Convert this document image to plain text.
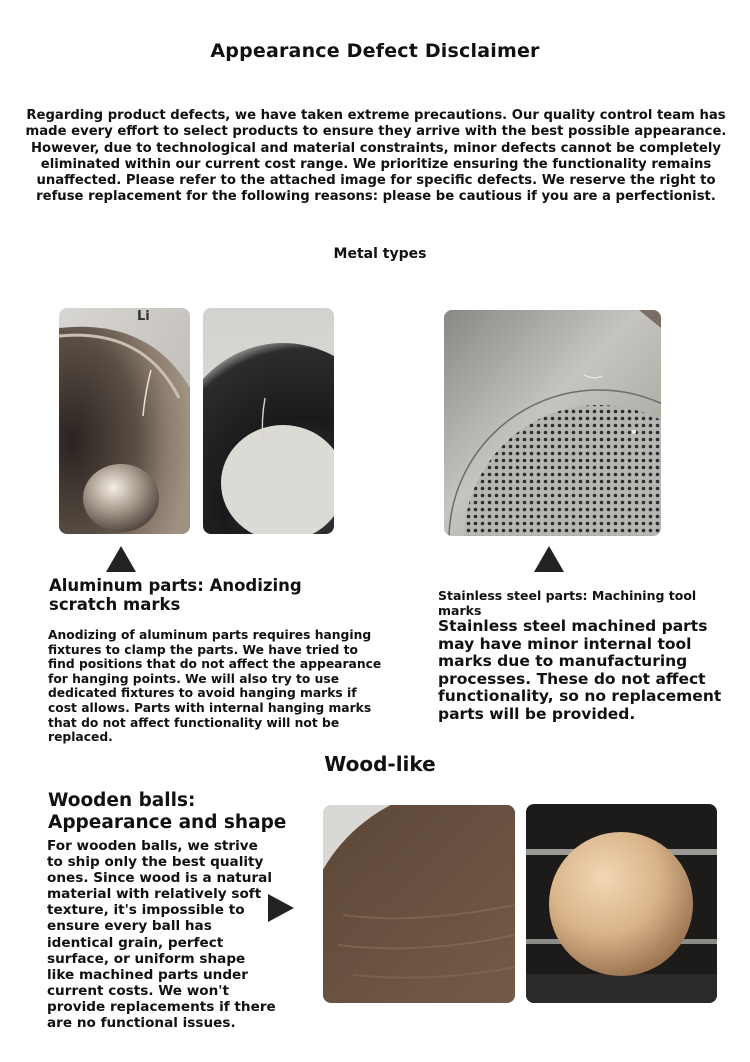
Appearance Defect Disclaimer
Regarding product defects, we have taken extreme precautions. Our quality control team has made every effort to select products to ensure they arrive with the best possible appearance. However, due to technological and material constraints, minor defects cannot be completely eliminated within our current cost range. We prioritize ensuring the functionality remains unaffected. Please refer to the attached image for specific defects. We reserve the right to refuse replacement for the following reasons: please be cautious if you are a perfectionist.
Metal types
Li
Aluminum parts: Anodizing scratch marks
Anodizing of aluminum parts requires hanging fixtures to clamp the parts. We have tried to find positions that do not affect the appearance for hanging points. We will also try to use dedicated fixtures to avoid hanging marks if cost allows. Parts with internal hanging marks that do not affect functionality will not be replaced.
Stainless steel parts: Machining tool marks
Stainless steel machined parts may have minor internal tool marks due to manufacturing processes. These do not affect functionality, so no replacement parts will be provided.
Wood-like
Wooden balls: Appearance and shape
For wooden balls, we strive to ship only the best quality ones. Since wood is a natural material with relatively soft texture, it's impossible to ensure every ball has identical grain, perfect surface, or uniform shape like machined parts under current costs. We won't provide replacements if there are no functional issues.
